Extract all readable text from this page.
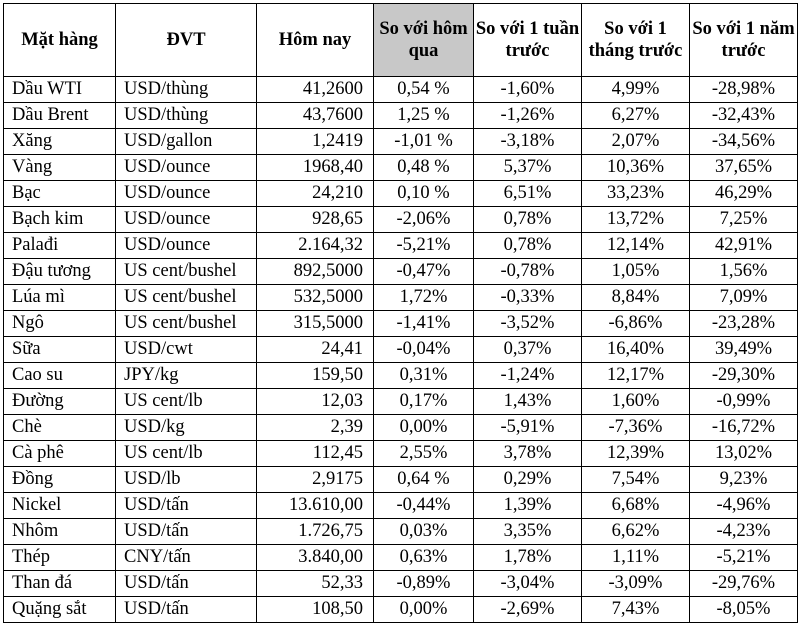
Mặt hàng	ĐVT	Hôm nay	So với hôm qua	So với 1 tuần trước	So với 1 tháng trước	So với 1 năm trước
Dầu WTI	USD/thùng	41,2600	0,54 %	-1,60%	4,99%	-28,98%
Dầu Brent	USD/thùng	43,7600	1,25 %	-1,26%	6,27%	-32,43%
Xăng	USD/gallon	1,2419	-1,01 %	-3,18%	2,07%	-34,56%
Vàng	USD/ounce	1968,40	0,48 %	5,37%	10,36%	37,65%
Bạc	USD/ounce	24,210	0,10 %	6,51%	33,23%	46,29%
Bạch kim	USD/ounce	928,65	-2,06%	0,78%	13,72%	7,25%
Palađi	USD/ounce	2.164,32	-5,21%	0,78%	12,14%	42,91%
Đậu tương	US cent/bushel	892,5000	-0,47%	-0,78%	1,05%	1,56%
Lúa mì	US cent/bushel	532,5000	1,72%	-0,33%	8,84%	7,09%
Ngô	US cent/bushel	315,5000	-1,41%	-3,52%	-6,86%	-23,28%
Sữa	USD/cwt	24,41	-0,04%	0,37%	16,40%	39,49%
Cao su	JPY/kg	159,50	0,31%	-1,24%	12,17%	-29,30%
Đường	US cent/lb	12,03	0,17%	1,43%	1,60%	-0,99%
Chè	USD/kg	2,39	0,00%	-5,91%	-7,36%	-16,72%
Cà phê	US cent/lb	112,45	2,55%	3,78%	12,39%	13,02%
Đồng	USD/lb	2,9175	0,64 %	0,29%	7,54%	9,23%
Nickel	USD/tấn	13.610,00	-0,44%	1,39%	6,68%	-4,96%
Nhôm	USD/tấn	1.726,75	0,03%	3,35%	6,62%	-4,23%
Thép	CNY/tấn	3.840,00	0,63%	1,78%	1,11%	-5,21%
Than đá	USD/tấn	52,33	-0,89%	-3,04%	-3,09%	-29,76%
Quặng sắt	USD/tấn	108,50	0,00%	-2,69%	7,43%	-8,05%
